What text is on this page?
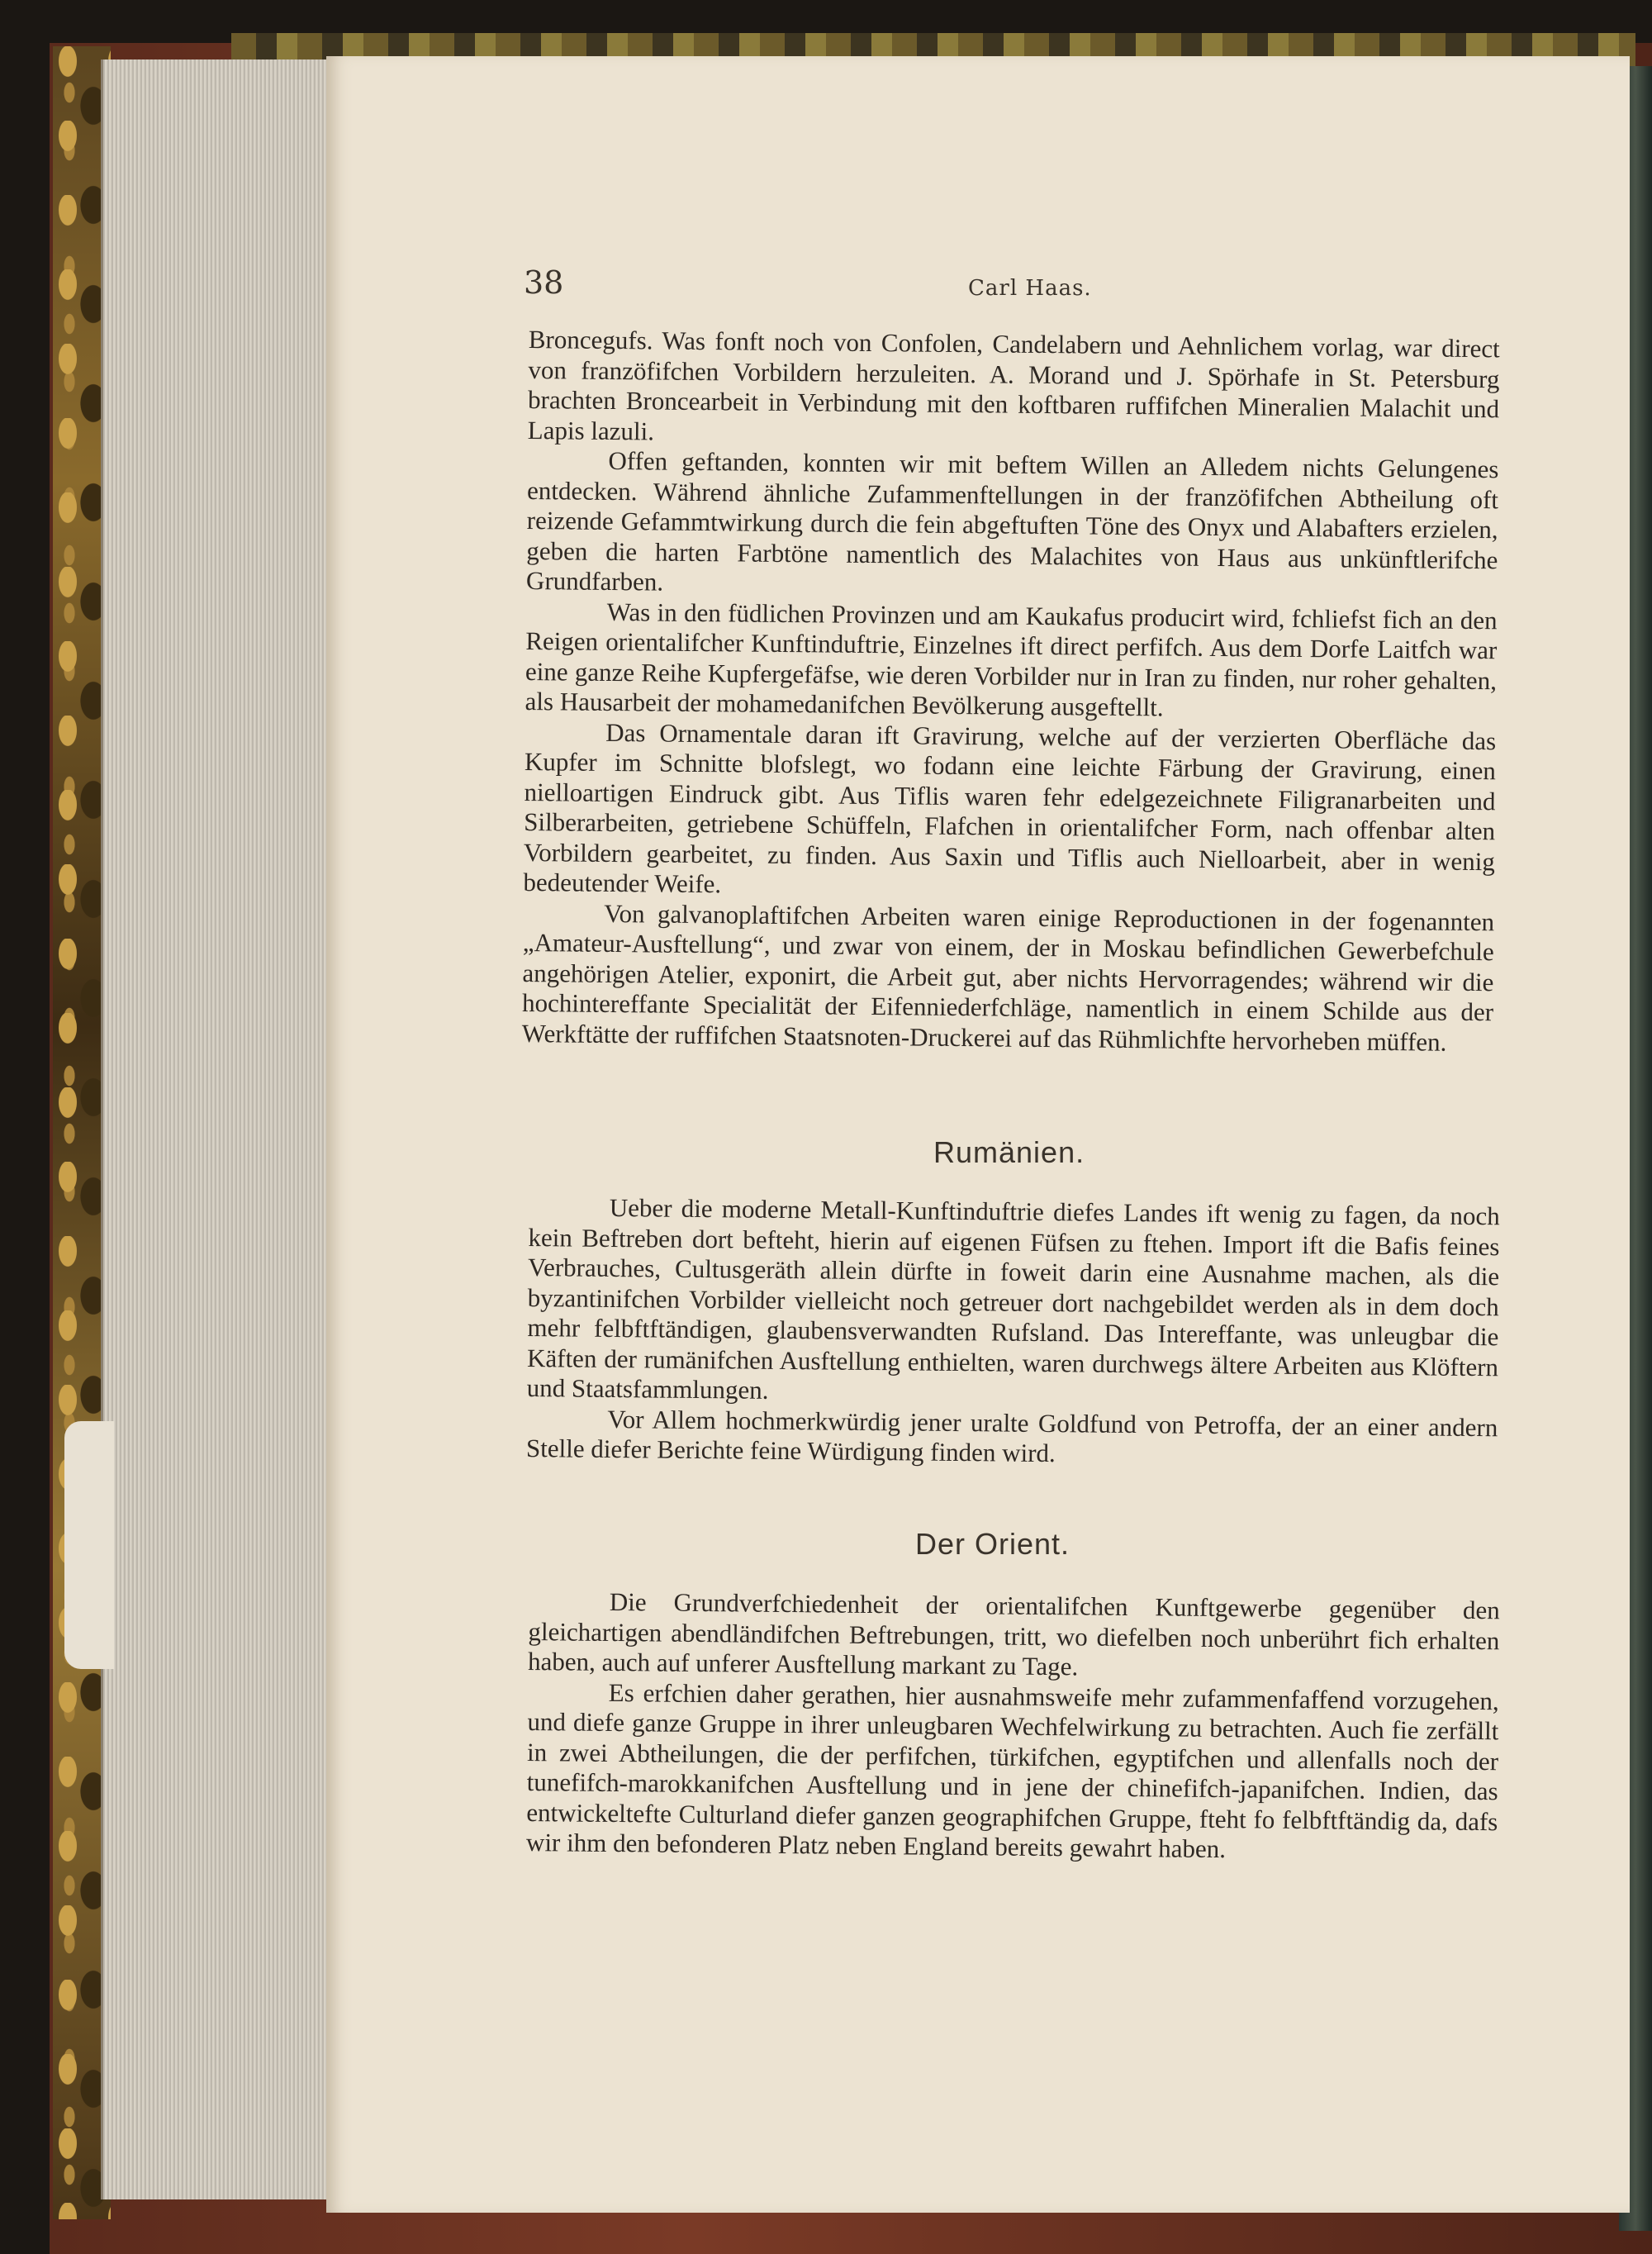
38	Carl Haas.

Broncegufs. Was fonft noch von Confolen, Candelabern und Aehnlichem vorlag, war direct von franzöfifchen Vorbildern herzuleiten. A. Morand und J. Spörhafe in St. Petersburg brachten Broncearbeit in Verbindung mit den koftbaren ruffifchen Mineralien Malachit und Lapis lazuli.

Offen geftanden, konnten wir mit beftem Willen an Alledem nichts Gelungenes entdecken. Während ähnliche Zufammenftellungen in der franzöfifchen Abtheilung oft reizende Gefammtwirkung durch die fein abgeftuften Töne des Onyx und Alabafters erzielen, geben die harten Farbtöne namentlich des Malachites von Haus aus unkünftlerifche Grundfarben.

Was in den füdlichen Provinzen und am Kaukafus producirt wird, fchliefst fich an den Reigen orientalifcher Kunftinduftrie, Einzelnes ift direct perfifch. Aus dem Dorfe Laitfch war eine ganze Reihe Kupfergefäfse, wie deren Vorbilder nur in Iran zu finden, nur roher gehalten, als Hausarbeit der mohamedanifchen Bevölkerung ausgeftellt.

Das Ornamentale daran ift Gravirung, welche auf der verzierten Oberfläche das Kupfer im Schnitte blofslegt, wo fodann eine leichte Färbung der Gravirung, einen nielloartigen Eindruck gibt. Aus Tiflis waren fehr edelgezeichnete Filigranarbeiten und Silberarbeiten, getriebene Schüffeln, Flafchen in orientalifcher Form, nach offenbar alten Vorbildern gearbeitet, zu finden. Aus Saxin und Tiflis auch Nielloarbeit, aber in wenig bedeutender Weife.

Von galvanoplaftifchen Arbeiten waren einige Reproductionen in der fogenannten „Amateur-Ausftellung“, und zwar von einem, der in Moskau befindlichen Gewerbefchule angehörigen Atelier, exponirt, die Arbeit gut, aber nichts Hervorragendes; während wir die hochintereffante Specialität der Eifenniederfchläge, namentlich in einem Schilde aus der Werkftätte der ruffifchen Staatsnoten-Druckerei auf das Rühmlichfte hervorheben müffen.

Rumänien.

Ueber die moderne Metall-Kunftinduftrie diefes Landes ift wenig zu fagen, da noch kein Beftreben dort befteht, hierin auf eigenen Füfsen zu ftehen. Import ift die Bafis feines Verbrauches, Cultusgeräth allein dürfte in foweit darin eine Ausnahme machen, als die byzantinifchen Vorbilder vielleicht noch getreuer dort nachgebildet werden als in dem doch mehr felbftftändigen, glaubensverwandten Rufsland. Das Intereffante, was unleugbar die Käften der rumänifchen Ausftellung enthielten, waren durchwegs ältere Arbeiten aus Klöftern und Staatsfammlungen.

Vor Allem hochmerkwürdig jener uralte Goldfund von Petroffa, der an einer andern Stelle diefer Berichte feine Würdigung finden wird.

Der Orient.

Die Grundverfchiedenheit der orientalifchen Kunftgewerbe gegenüber den gleichartigen abendländifchen Beftrebungen, tritt, wo diefelben noch unberührt fich erhalten haben, auch auf unferer Ausftellung markant zu Tage.

Es erfchien daher gerathen, hier ausnahmsweife mehr zufammenfaffend vorzugehen, und diefe ganze Gruppe in ihrer unleugbaren Wechfelwirkung zu betrachten. Auch fie zerfällt in zwei Abtheilungen, die der perfifchen, türkifchen, egyptifchen und allenfalls noch der tunefifch-marokkanifchen Ausftellung und in jene der chinefifch-japanifchen. Indien, das entwickeltefte Culturland diefer ganzen geographifchen Gruppe, fteht fo felbftftändig da, dafs wir ihm den befonderen Platz neben England bereits gewahrt haben.
